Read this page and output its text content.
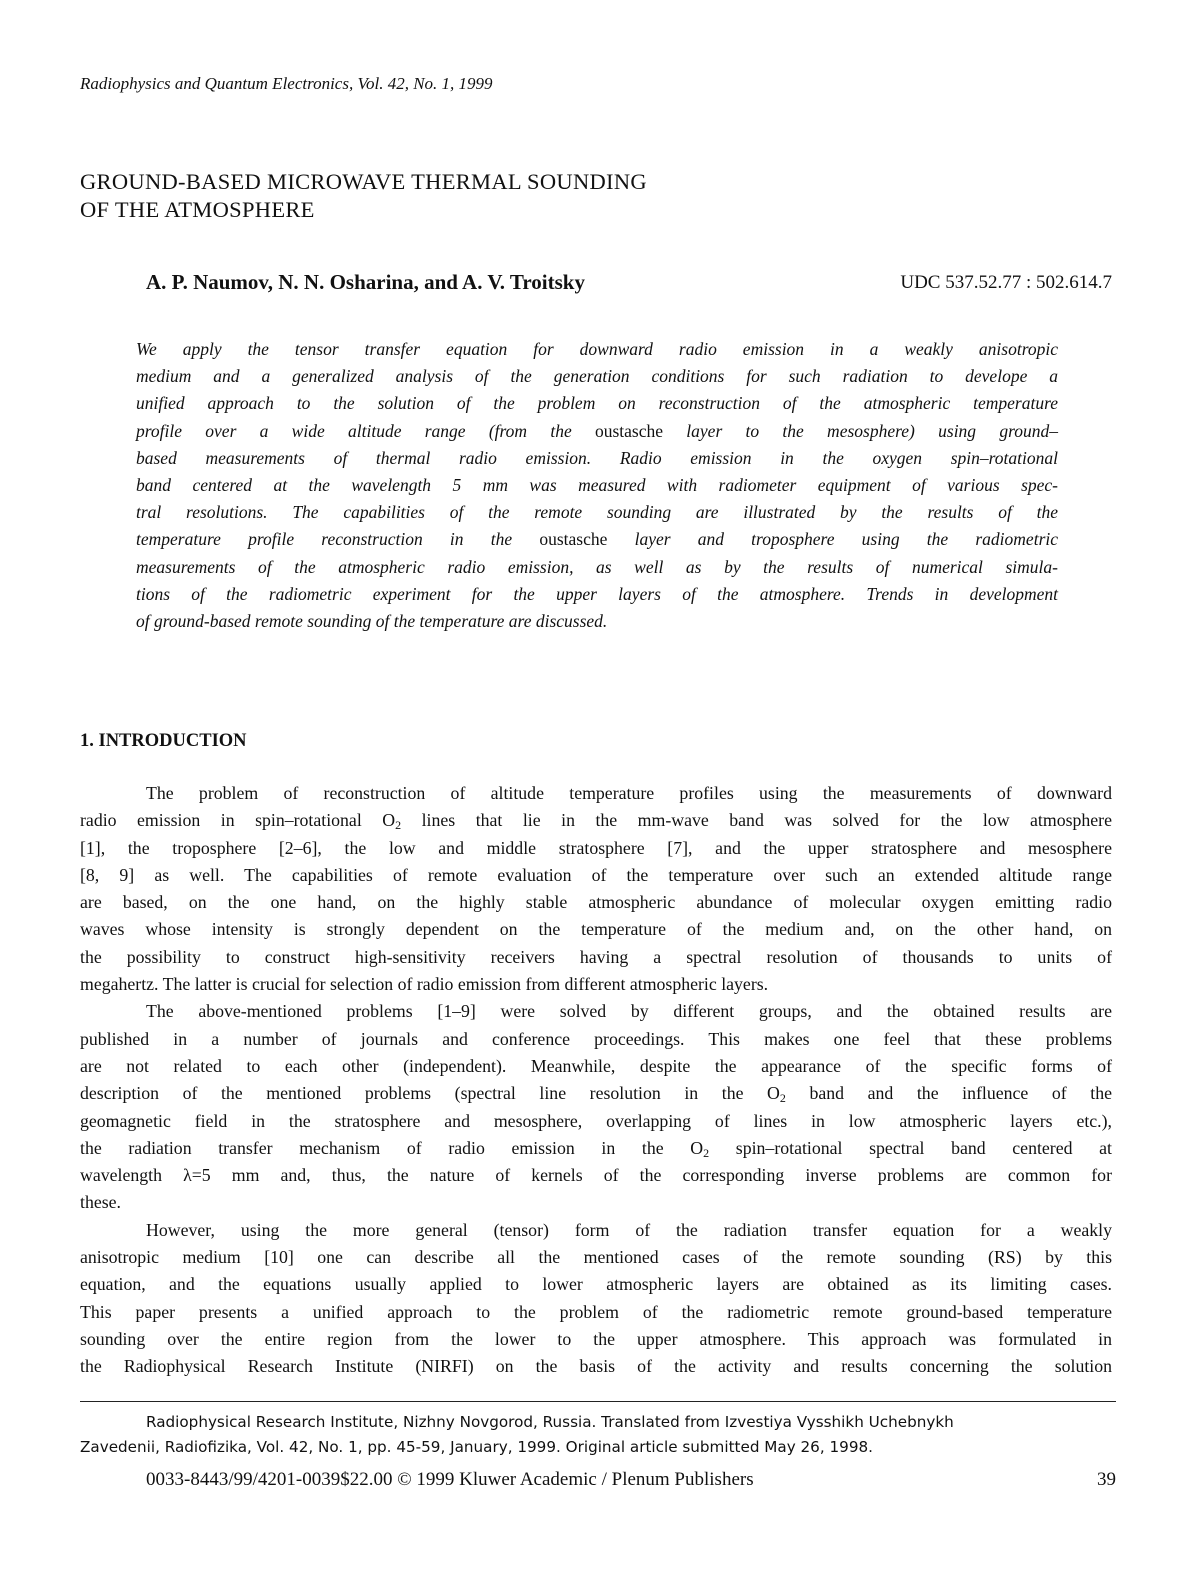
Radiophysics and Quantum Electronics, Vol. 42, No. 1, 1999
GROUND-BASED MICROWAVE THERMAL SOUNDING
OF THE ATMOSPHERE
A. P. Naumov, N. N. Osharina, and A. V. Troitsky	UDC 537.52.77 : 502.614.7
We apply the tensor transfer equation for downward radio emission in a weakly anisotropic
medium and a generalized analysis of the generation conditions for such radiation to develope a
unified approach to the solution of the problem on reconstruction of the atmospheric temperature
profile over a wide altitude range (from the oustasche layer to the mesosphere) using ground–
based measurements of thermal radio emission. Radio emission in the oxygen spin–rotational
band centered at the wavelength 5 mm was measured with radiometer equipment of various spec-
tral resolutions. The capabilities of the remote sounding are illustrated by the results of the
temperature profile reconstruction in the oustasche layer and troposphere using the radiometric
measurements of the atmospheric radio emission, as well as by the results of numerical simula-
tions of the radiometric experiment for the upper layers of the atmosphere. Trends in development
of ground-based remote sounding of the temperature are discussed.
1. INTRODUCTION
The problem of reconstruction of altitude temperature profiles using the measurements of downward
radio emission in spin–rotational $O_2$ lines that lie in the mm-wave band was solved for the low atmosphere
[1], the troposphere [2–6], the low and middle stratosphere [7], and the upper stratosphere and mesosphere
[8, 9] as well. The capabilities of remote evaluation of the temperature over such an extended altitude range
are based, on the one hand, on the highly stable atmospheric abundance of molecular oxygen emitting radio
waves whose intensity is strongly dependent on the temperature of the medium and, on the other hand, on
the possibility to construct high-sensitivity receivers having a spectral resolution of thousands to units of
megahertz. The latter is crucial for selection of radio emission from different atmospheric layers.
The above-mentioned problems [1–9] were solved by different groups, and the obtained results are
published in a number of journals and conference proceedings. This makes one feel that these problems
are not related to each other (independent). Meanwhile, despite the appearance of the specific forms of
description of the mentioned problems (spectral line resolution in the $O_2$ band and the influence of the
geomagnetic field in the stratosphere and mesosphere, overlapping of lines in low atmospheric layers etc.),
the radiation transfer mechanism of radio emission in the $O_2$ spin–rotational spectral band centered at
wavelength λ=5 mm and, thus, the nature of kernels of the corresponding inverse problems are common for
these.
However, using the more general (tensor) form of the radiation transfer equation for a weakly
anisotropic medium [10] one can describe all the mentioned cases of the remote sounding (RS) by this
equation, and the equations usually applied to lower atmospheric layers are obtained as its limiting cases.
This paper presents a unified approach to the problem of the radiometric remote ground-based temperature
sounding over the entire region from the lower to the upper atmosphere. This approach was formulated in
the Radiophysical Research Institute (NIRFI) on the basis of the activity and results concerning the solution
Radiophysical Research Institute, Nizhny Novgorod, Russia. Translated from Izvestiya Vysshikh Uchebnykh
Zavedenii, Radiofizika, Vol. 42, No. 1, pp. 45-59, January, 1999. Original article submitted May 26, 1998.
0033-8443/99/4201-0039$22.00 © 1999 Kluwer Academic / Plenum Publishers	39
